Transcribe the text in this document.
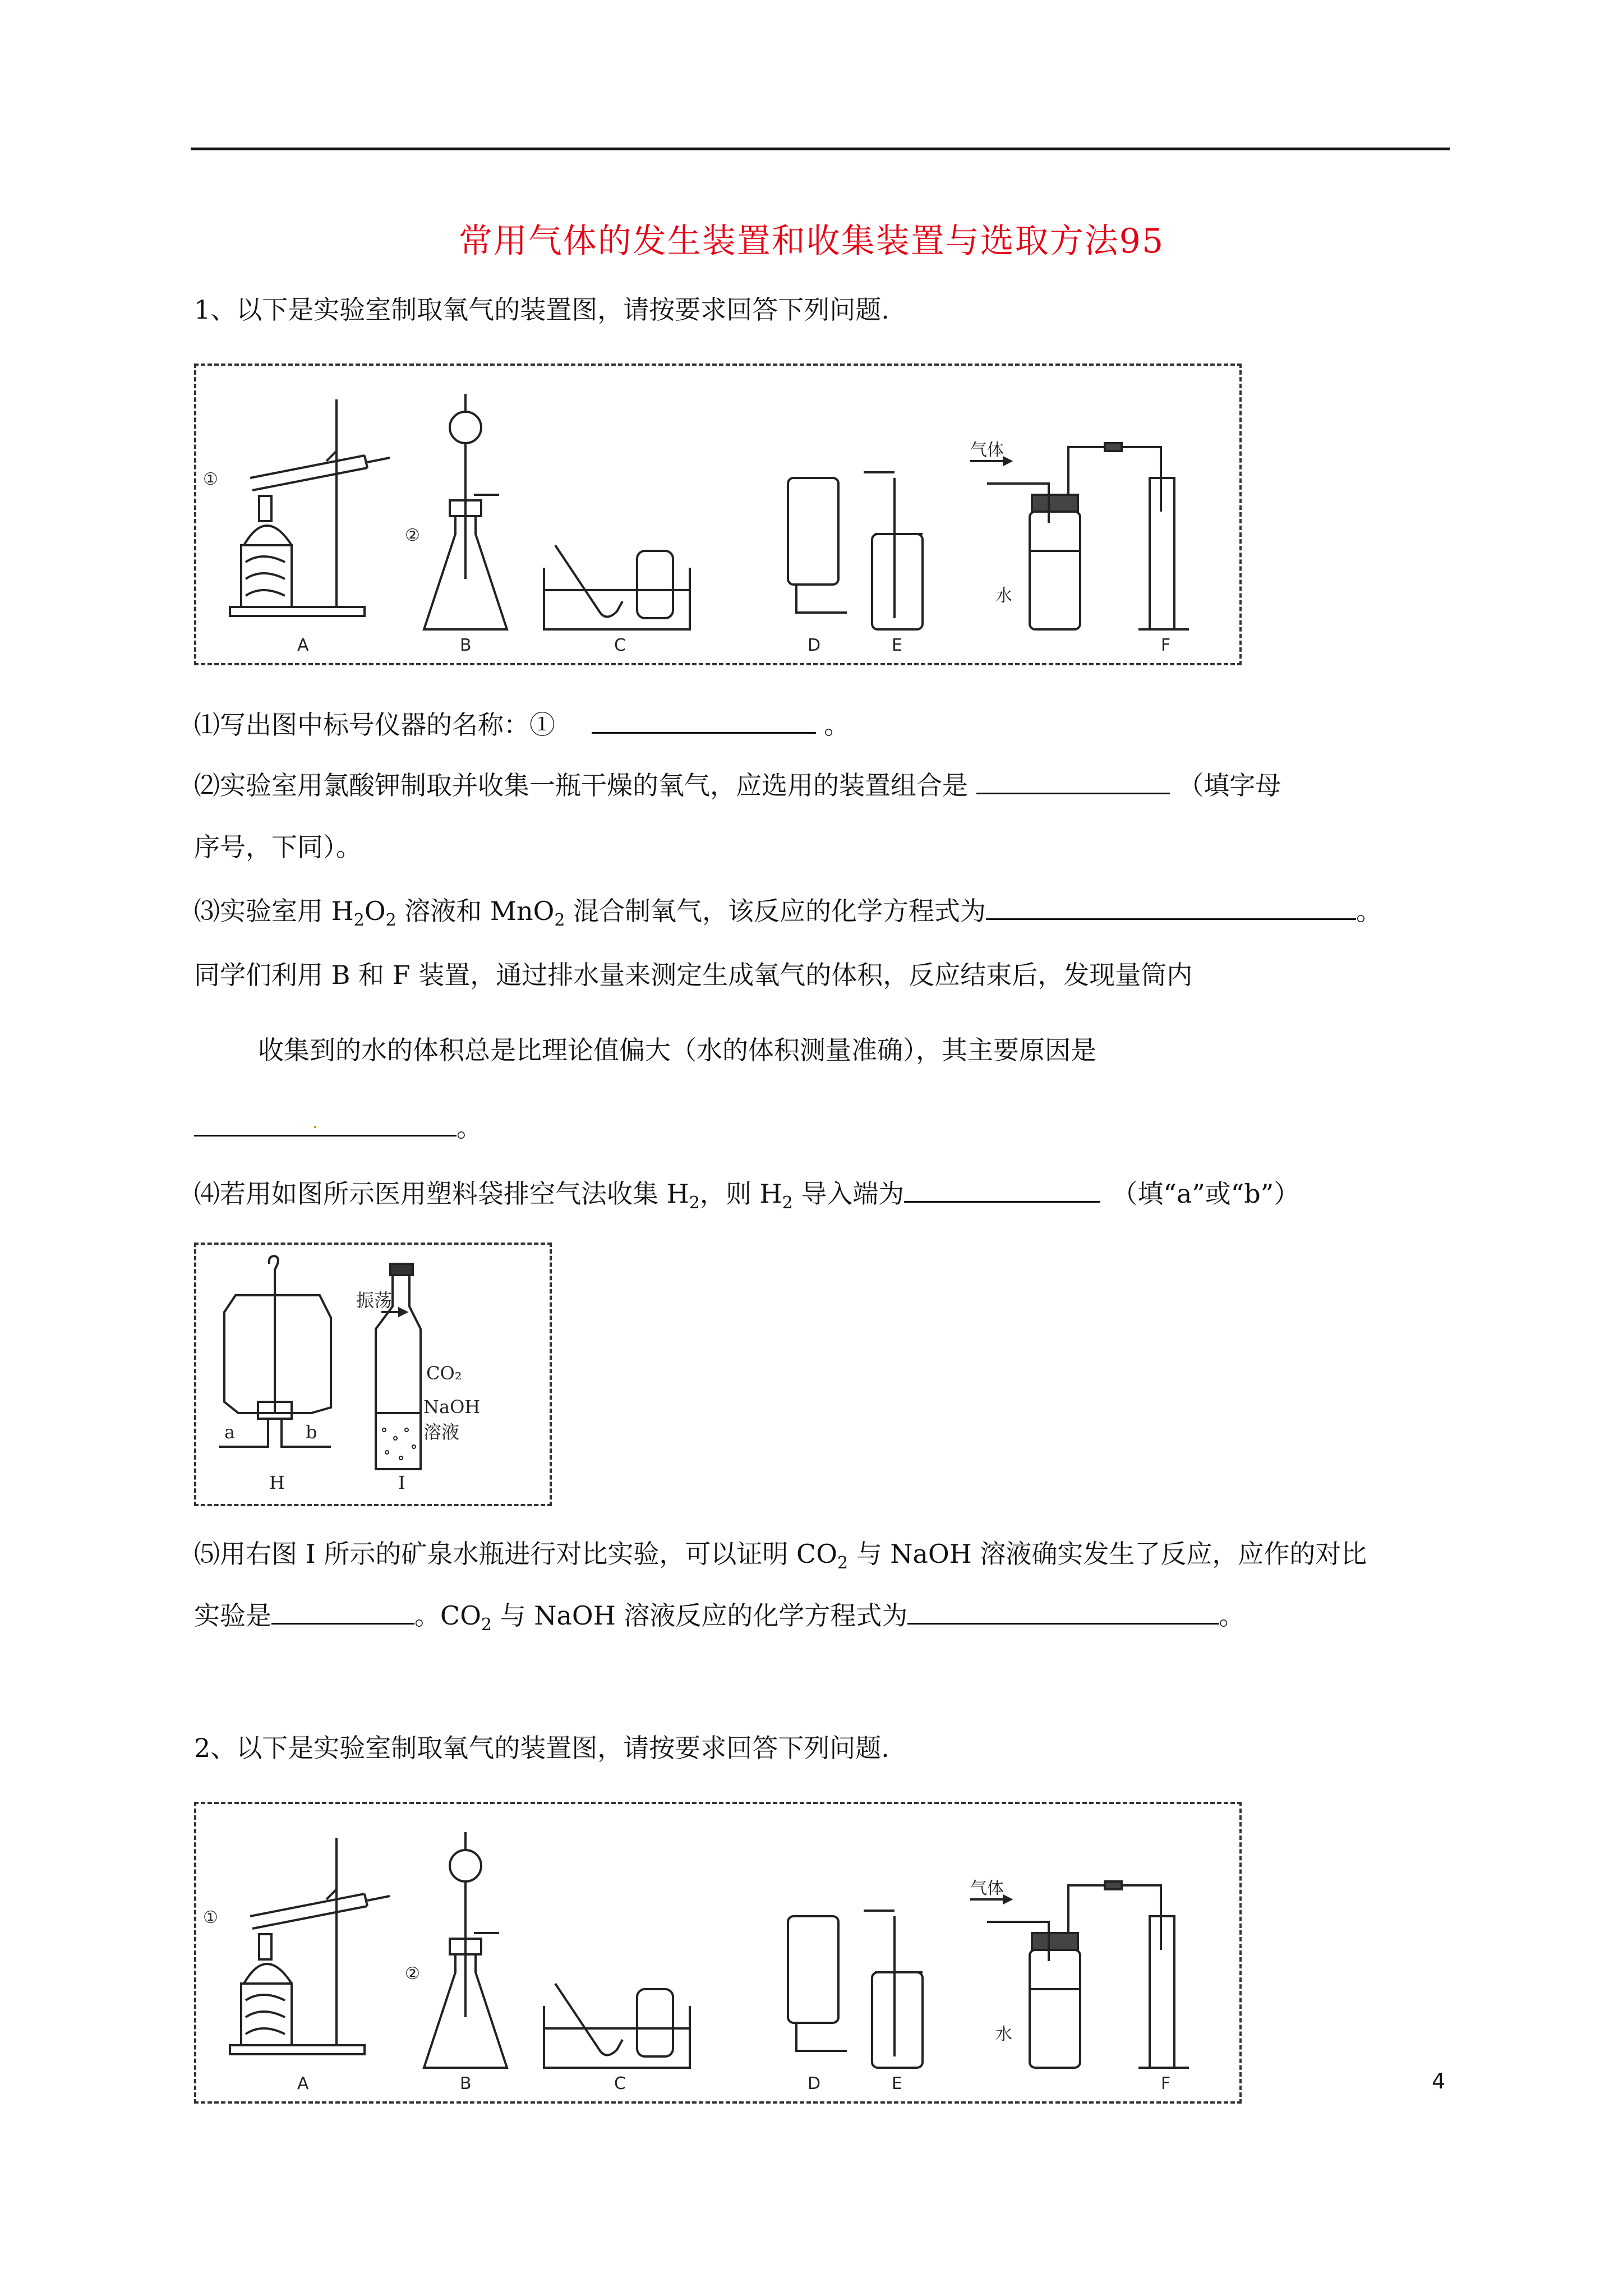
常用气体的发生装置和收集装置与选取方法95
1、以下是实验室制取氧气的装置图，请按要求回答下列问题.
①
②
气体
水
A	B	C	D	E	F
⑴写出图中标号仪器的名称：①	。
⑵实验室用氯酸钾制取并收集一瓶干燥的氧气，应选用的装置组合是	（填字母
序号，下同）。
⑶实验室用 $H_2O_2$ 溶液和 MnO$_2$ 混合制氧气，该反应的化学方程式为	。
同学们利用 B 和 F 装置，通过排水量来测定生成氧气的体积，反应结束后，发现量筒内
收集到的水的体积总是比理论值偏大（水的体积测量准确），其主要原因是
。
⑷若用如图所示医用塑料袋排空气法收集 $H_2$，则 $H_2$ 导入端为	（填“a”或“b”）
a	b
振荡
CO₂
NaOH
溶液
H	I
⑸用右图 I 所示的矿泉水瓶进行对比实验，可以证明 $CO_2$ 与 NaOH 溶液确实发生了反应，应作的对比
实验是	。$CO_2$ 与 NaOH 溶液反应的化学方程式为	。
2、以下是实验室制取氧气的装置图，请按要求回答下列问题.
①
②
气体
水
A	B	C	D	E	F	4
